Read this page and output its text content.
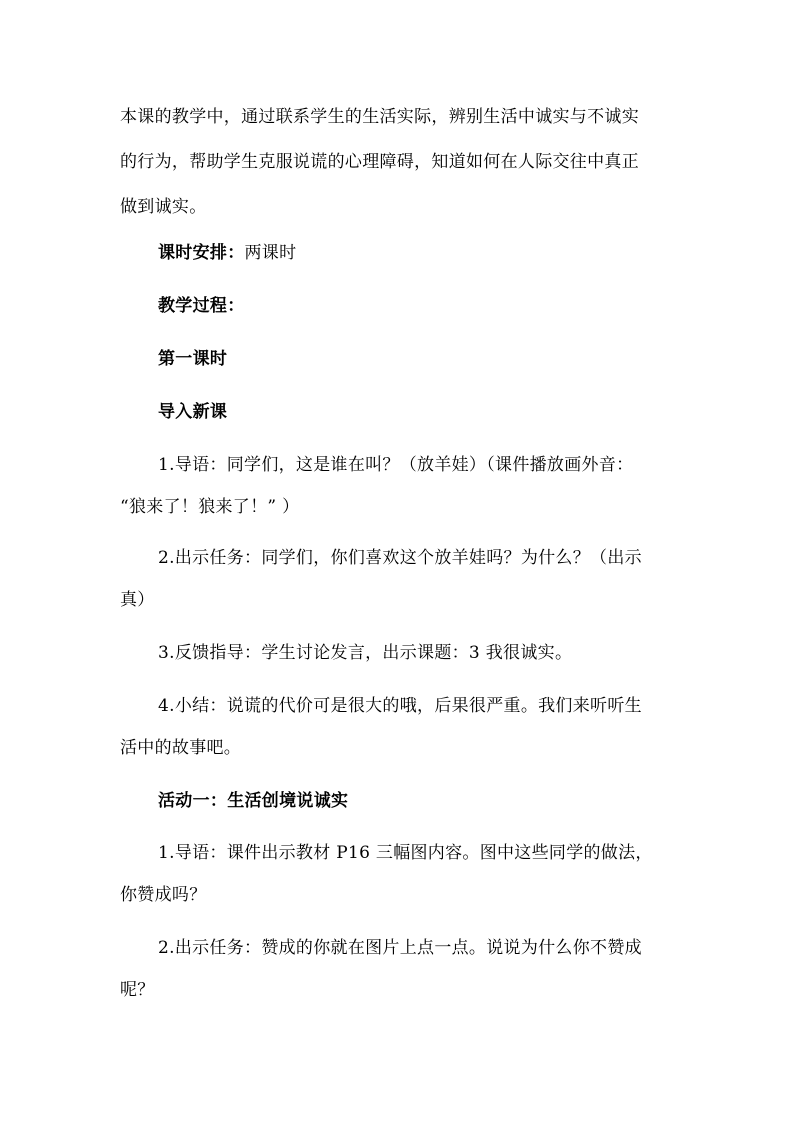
本课的教学中，通过联系学生的生活实际，辨别生活中诚实与不诚实
的行为，帮助学生克服说谎的心理障碍，知道如何在人际交往中真正
做到诚实。
课时安排：两课时
教学过程：
第一课时
导入新课
1.导语：同学们，这是谁在叫？（放羊娃）（课件播放画外音：
“狼来了！狼来了！” ）
2.出示任务：同学们，你们喜欢这个放羊娃吗？为什么？（出示
真）
3.反馈指导：学生讨论发言，出示课题：3 我很诚实。
4.小结：说谎的代价可是很大的哦，后果很严重。我们来听听生
活中的故事吧。
活动一：生活创境说诚实
1.导语：课件出示教材 P16 三幅图内容。图中这些同学的做法，
你赞成吗？
2.出示任务：赞成的你就在图片上点一点。说说为什么你不赞成
呢？
